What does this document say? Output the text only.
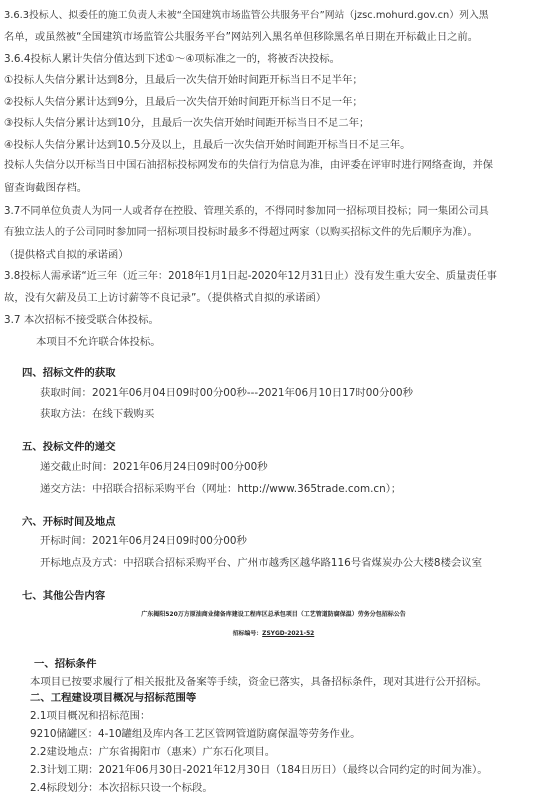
3.6.3投标人、拟委任的施工负责人未被“全国建筑市场监管公共服务平台”网站（jzsc.mohurd.gov.cn）列入黑
名单，或虽然被“全国建筑市场监管公共服务平台”网站列入黑名单但移除黑名单日期在开标截止日之前。
3.6.4投标人累计失信分值达到下述①～④项标准之一的，将被否决投标。
①投标人失信分累计达到8分，且最后一次失信开始时间距开标当日不足半年；
②投标人失信分累计达到9分，且最后一次失信开始时间距开标当日不足一年；
③投标人失信分累计达到10分，且最后一次失信开始时间距开标当日不足二年；
④投标人失信分累计达到10.5分及以上，且最后一次失信开始时间距开标当日不足三年。
投标人失信分以开标当日中国石油招标投标网发布的失信行为信息为准，由评委在评审时进行网络查询，并保
留查询截图存档。
3.7不同单位负责人为同一人或者存在控股、管理关系的，不得同时参加同一招标项目投标；同一集团公司具
有独立法人的子公司同时参加同一招标项目投标时最多不得超过两家（以购买招标文件的先后顺序为准）。
（提供格式自拟的承诺函）
3.8投标人需承诺“近三年（近三年：2018年1月1日起-2020年12月31日止）没有发生重大安全、质量责任事
故，没有欠薪及员工上访讨薪等不良记录”。（提供格式自拟的承诺函）
3.7 本次招标不接受联合体投标。
本项目不允许联合体投标。
四、招标文件的获取
获取时间：2021年06月04日09时00分00秒---2021年06月10日17时00分00秒
获取方法：在线下载购买
五、投标文件的递交
递交截止时间：2021年06月24日09时00分00秒
递交方法：中招联合招标采购平台（网址：http://www.365trade.com.cn）；
六、开标时间及地点
开标时间：2021年06月24日09时00分00秒
开标地点及方式：中招联合招标采购平台、广州市越秀区越华路116号省煤炭办公大楼8楼会议室
七、其他公告内容
广东揭阳520万方原油商业储备库建设工程库区总承包项目（工艺管道防腐保温）劳务分包招标公告
招标编号：ZSYGD-2021-52
一、招标条件
本项目已按要求履行了相关报批及备案等手续，资金已落实，具备招标条件，现对其进行公开招标。
二、工程建设项目概况与招标范围等
2.1项目概况和招标范围：
9210储罐区：4-10罐组及库内各工艺区管网管道防腐保温等劳务作业。
2.2建设地点：广东省揭阳市（惠来）广东石化项目。
2.3计划工期：2021年06月30日-2021年12月30日（184日历日）（最终以合同约定的时间为准）。
2.4标段划分：本次招标只设一个标段。
